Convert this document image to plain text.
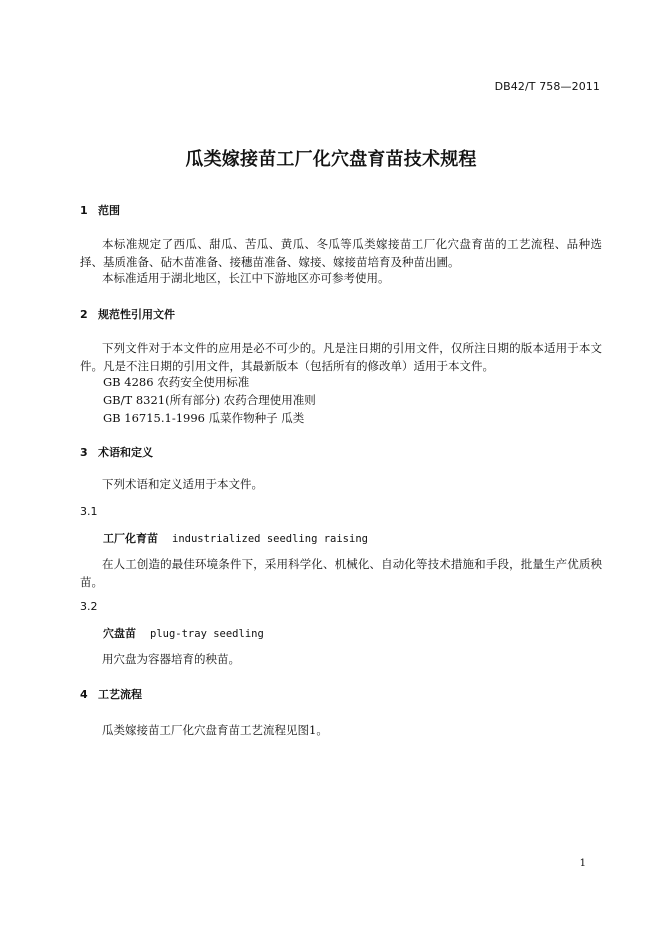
DB42/T 758—2011
瓜类嫁接苗工厂化穴盘育苗技术规程
1 范围
本标准规定了西瓜、甜瓜、苦瓜、黄瓜、冬瓜等瓜类嫁接苗工厂化穴盘育苗的工艺流程、品种选择、基质准备、砧木苗准备、接穗苗准备、嫁接、嫁接苗培育及种苗出圃。
本标准适用于湖北地区，长江中下游地区亦可参考使用。
2 规范性引用文件
下列文件对于本文件的应用是必不可少的。凡是注日期的引用文件，仅所注日期的版本适用于本文件。凡是不注日期的引用文件，其最新版本（包括所有的修改单）适用于本文件。
GB 4286 农药安全使用标准
GB/T 8321(所有部分) 农药合理使用准则
GB 16715.1-1996 瓜菜作物种子 瓜类
3 术语和定义
下列术语和定义适用于本文件。
3.1
工厂化育苗 industrialized seedling raising
在人工创造的最佳环境条件下，采用科学化、机械化、自动化等技术措施和手段，批量生产优质秧苗。
3.2
穴盘苗 plug-tray seedling
用穴盘为容器培育的秧苗。
4 工艺流程
瓜类嫁接苗工厂化穴盘育苗工艺流程见图1。
1
